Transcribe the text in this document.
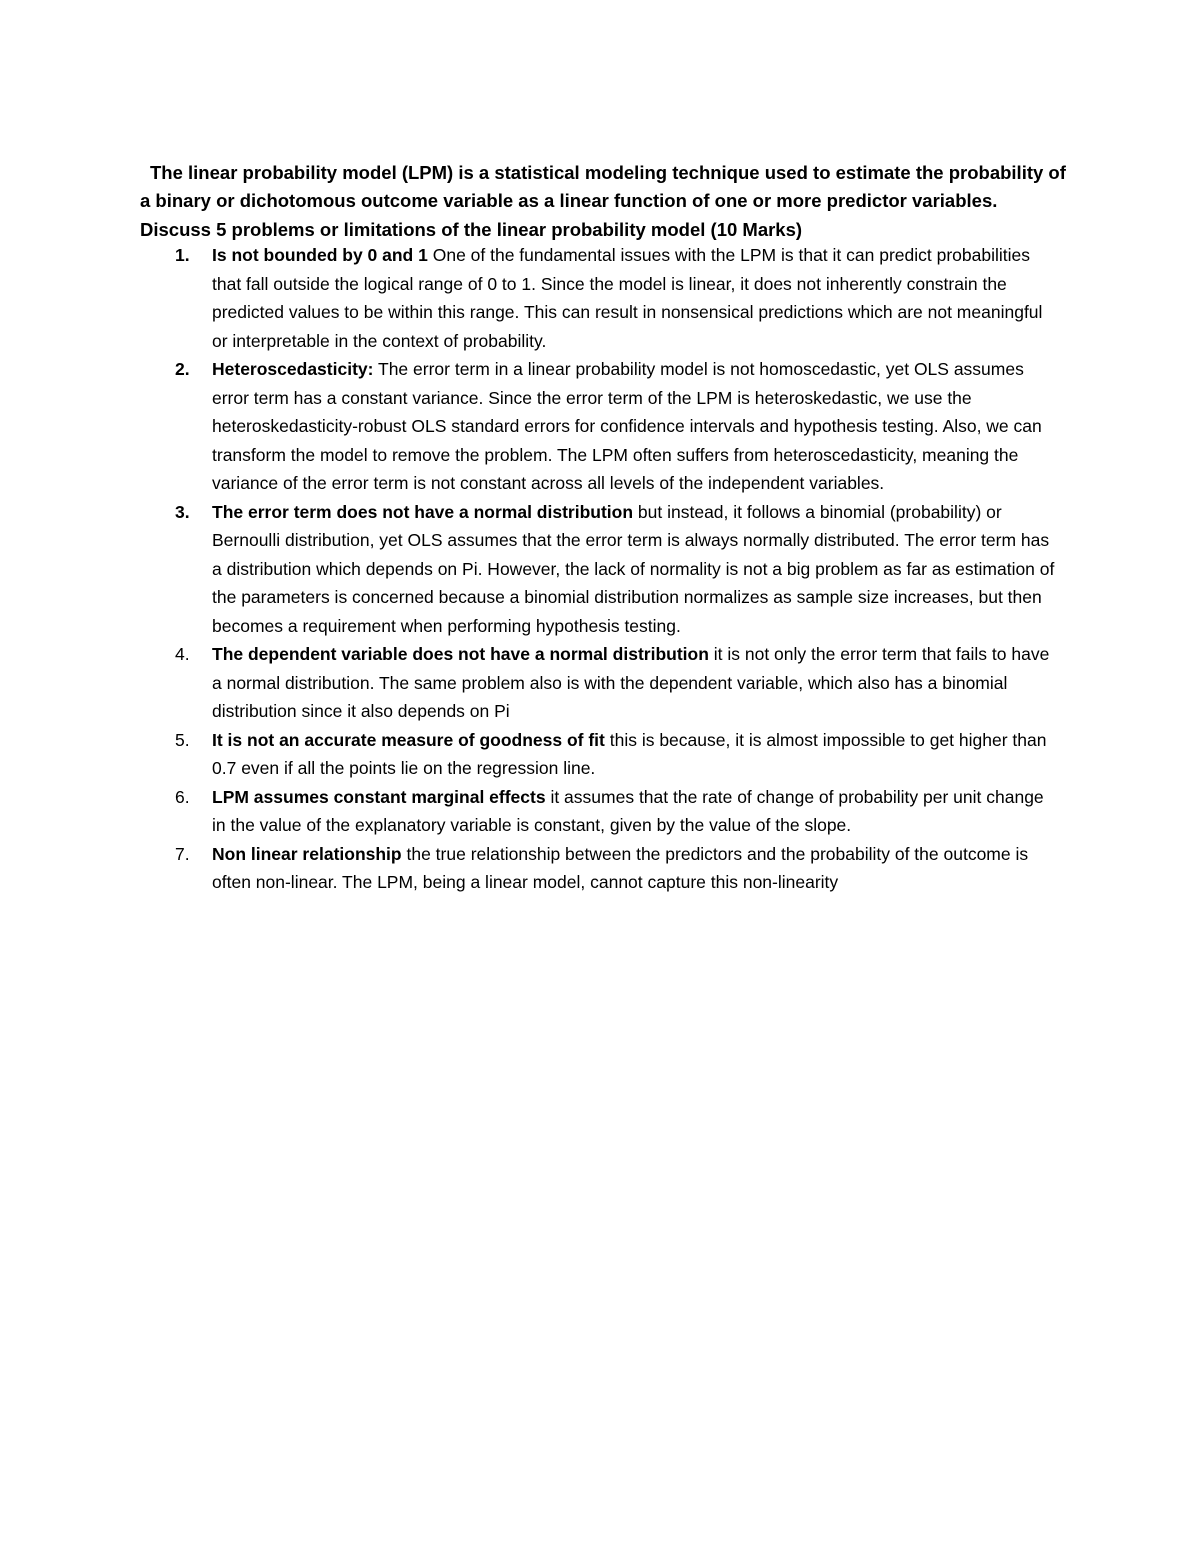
The linear probability model (LPM) is a statistical modeling technique used to estimate the probability of a binary or dichotomous outcome variable as a linear function of one or more predictor variables. Discuss 5 problems or limitations of the linear probability model (10 Marks)

1. Is not bounded by 0 and 1 One of the fundamental issues with the LPM is that it can predict probabilities that fall outside the logical range of 0 to 1. Since the model is linear, it does not inherently constrain the predicted values to be within this range. This can result in nonsensical predictions which are not meaningful or interpretable in the context of probability.
2. Heteroscedasticity: The error term in a linear probability model is not homoscedastic, yet OLS assumes error term has a constant variance. Since the error term of the LPM is heteroskedastic, we use the heteroskedasticity-robust OLS standard errors for confidence intervals and hypothesis testing. Also, we can transform the model to remove the problem. The LPM often suffers from heteroscedasticity, meaning the variance of the error term is not constant across all levels of the independent variables.
3. The error term does not have a normal distribution but instead, it follows a binomial (probability) or Bernoulli distribution, yet OLS assumes that the error term is always normally distributed. The error term has a distribution which depends on Pi. However, the lack of normality is not a big problem as far as estimation of the parameters is concerned because a binomial distribution normalizes as sample size increases, but then becomes a requirement when performing hypothesis testing.
4. The dependent variable does not have a normal distribution it is not only the error term that fails to have a normal distribution. The same problem also is with the dependent variable, which also has a binomial distribution since it also depends on Pi
5. It is not an accurate measure of goodness of fit this is because, it is almost impossible to get higher than 0.7 even if all the points lie on the regression line.
6. LPM assumes constant marginal effects it assumes that the rate of change of probability per unit change in the value of the explanatory variable is constant, given by the value of the slope.
7. Non linear relationship the true relationship between the predictors and the probability of the outcome is often non-linear. The LPM, being a linear model, cannot capture this non-linearity
